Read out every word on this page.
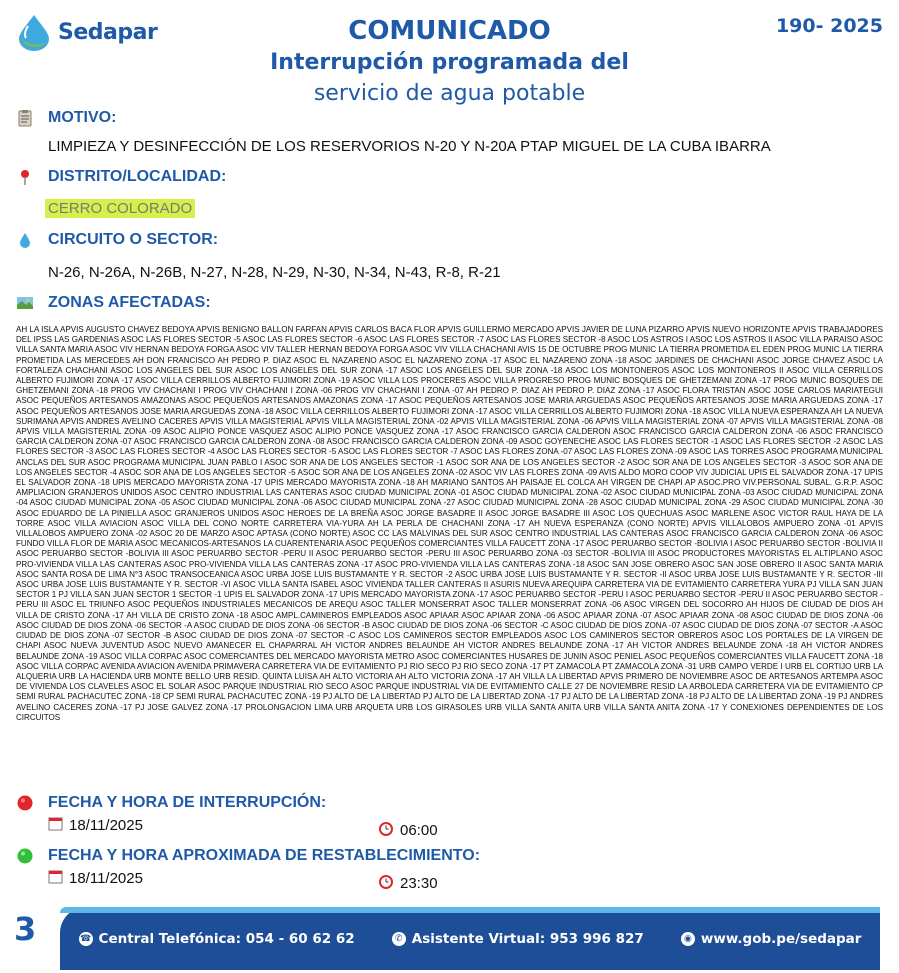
Sedapar	190- 2025
COMUNICADO
Interrupción programada del
servicio de agua potable
MOTIVO:
LIMPIEZA Y DESINFECCIÓN DE LOS RESERVORIOS N-20 Y N-20A PTAP MIGUEL DE LA CUBA IBARRA
DISTRITO/LOCALIDAD:
CERRO COLORADO
CIRCUITO O SECTOR:
N-26, N-26A, N-26B, N-27, N-28, N-29, N-30, N-34, N-43, R-8, R-21
ZONAS AFECTADAS:
AH LA ISLA APVIS AUGUSTO CHAVEZ BEDOYA APVIS BENIGNO BALLON FARFAN APVIS CARLOS BACA FLOR APVIS GUILLERMO MERCADO APVIS JAVIER DE LUNA PIZARRO APVIS NUEVO HORIZONTE APVIS TRABAJADORES DEL IPSS LAS GARDENIAS ASOC LAS FLORES SECTOR -5 ASOC LAS FLORES SECTOR -6 ASOC LAS FLORES SECTOR -7 ASOC LAS FLORES SECTOR -8 ASOC LOS ASTROS I ASOC LOS ASTROS II ASOC VILLA PARAISO ASOC VILLA SANTA MARIA ASOC VIV HERNAN BEDOYA FORGA ASOC VIV TALLER HERNAN BEDOYA FORGA ASOC VIV VILLA CHACHANI AVIS 15 DE OCTUBRE PROG MUNIC LA TIERRA PROMETIDA EL EDEN PROG MUNIC LA TIERRA PROMETIDA LAS MERCEDES AH DON FRANCISCO AH PEDRO P. DIAZ ASOC EL NAZARENO ASOC EL NAZARENO ZONA -17 ASOC EL NAZARENO ZONA -18 ASOC JARDINES DE CHACHANI ASOC JORGE CHAVEZ ASOC LA FORTALEZA CHACHANI ASOC LOS ANGELES DEL SUR ASOC LOS ANGELES DEL SUR ZONA -17 ASOC LOS ANGELES DEL SUR ZONA -18 ASOC LOS MONTONEROS ASOC LOS MONTONEROS II ASOC VILLA CERRILLOS ALBERTO FUJIMORI ZONA -17 ASOC VILLA CERRILLOS ALBERTO FUJIMORI ZONA -19 ASOC VILLA LOS PROCERES ASOC VILLA PROGRESO PROG MUNIC BOSQUES DE GHETZEMANI ZONA -17 PROG MUNIC BOSQUES DE GHETZEMANI ZONA -18 PROG VIV CHACHANI I PROG VIV CHACHANI I ZONA -06 PROG VIV CHACHANI I ZONA -07 AH PEDRO P. DIAZ AH PEDRO P. DIAZ ZONA -17 ASOC FLORA TRISTAN ASOC JOSE CARLOS MARIATEGUI ASOC PEQUEÑOS ARTESANOS AMAZONAS ASOC PEQUEÑOS ARTESANOS AMAZONAS ZONA -17 ASOC PEQUEÑOS ARTESANOS JOSE MARIA ARGUEDAS ASOC PEQUEÑOS ARTESANOS JOSE MARIA ARGUEDAS ZONA -17 ASOC PEQUEÑOS ARTESANOS JOSE MARIA ARGUEDAS ZONA -18 ASOC VILLA CERRILLOS ALBERTO FUJIMORI ZONA -17 ASOC VILLA CERRILLOS ALBERTO FUJIMORI ZONA -18 ASOC VILLA NUEVA ESPERANZA AH LA NUEVA SURIMANA APVIS ANDRES AVELINO CACERES APVIS VILLA MAGISTERIAL APVIS VILLA MAGISTERIAL ZONA -02 APVIS VILLA MAGISTERIAL ZONA -06 APVIS VILLA MAGISTERIAL ZONA -07 APVIS VILLA MAGISTERIAL ZONA -08 APVIS VILLA MAGISTERIAL ZONA -09 ASOC ALIPIO PONCE VASQUEZ ASOC ALIPIO PONCE VASQUEZ ZONA -17 ASOC FRANCISCO GARCIA CALDERON ASOC FRANCISCO GARCIA CALDERON ZONA -06 ASOC FRANCISCO GARCIA CALDERON ZONA -07 ASOC FRANCISCO GARCIA CALDERON ZONA -08 ASOC FRANCISCO GARCIA CALDERON ZONA -09 ASOC GOYENECHE ASOC LAS FLORES SECTOR -1 ASOC LAS FLORES SECTOR -2 ASOC LAS FLORES SECTOR -3 ASOC LAS FLORES SECTOR -4 ASOC LAS FLORES SECTOR -5 ASOC LAS FLORES SECTOR -7 ASOC LAS FLORES ZONA -07 ASOC LAS FLORES ZONA -09 ASOC LAS TORRES ASOC PROGRAMA MUNICIPAL ANCLAS DEL SUR ASOC PROGRAMA MUNICIPAL JUAN PABLO I ASOC SOR ANA DE LOS ANGELES SECTOR -1 ASOC SOR ANA DE LOS ANGELES SECTOR -2 ASOC SOR ANA DE LOS ANGELES SECTOR -3 ASOC SOR ANA DE LOS ANGELES SECTOR -4 ASOC SOR ANA DE LOS ANGELES SECTOR -5 ASOC SOR ANA DE LOS ANGELES ZONA -02 ASOC VIV LAS FLORES ZONA -09 AVIS ALDO MORO COOP VIV JUDICIAL UPIS EL SALVADOR ZONA -17 UPIS EL SALVADOR ZONA -18 UPIS MERCADO MAYORISTA ZONA -17 UPIS MERCADO MAYORISTA ZONA -18 AH MARIANO SANTOS AH PAISAJE EL COLCA AH VIRGEN DE CHAPI AP ASOC.PRO VIV.PERSONAL SUBAL. G.R.P. ASOC AMPLIACION GRANJEROS UNIDOS ASOC CENTRO INDUSTRIAL LAS CANTERAS ASOC CIUDAD MUNICIPAL ZONA -01 ASOC CIUDAD MUNICIPAL ZONA -02 ASOC CIUDAD MUNICIPAL ZONA -03 ASOC CIUDAD MUNICIPAL ZONA -04 ASOC CIUDAD MUNICIPAL ZONA -05 ASOC CIUDAD MUNICIPAL ZONA -06 ASOC CIUDAD MUNICIPAL ZONA -27 ASOC CIUDAD MUNICIPAL ZONA -28 ASOC CIUDAD MUNICIPAL ZONA -29 ASOC CIUDAD MUNICIPAL ZONA -30 ASOC EDUARDO DE LA PINIELLA ASOC GRANJEROS UNIDOS ASOC HEROES DE LA BREÑA ASOC JORGE BASADRE II ASOC JORGE BASADRE III ASOC LOS QUECHUAS ASOC MARLENE ASOC VICTOR RAUL HAYA DE LA TORRE ASOC VILLA AVIACION ASOC VILLA DEL CONO NORTE CARRETERA VIA-YURA AH LA PERLA DE CHACHANI ZONA -17 AH NUEVA ESPERANZA (CONO NORTE) APVIS VILLALOBOS AMPUERO ZONA -01 APVIS VILLALOBOS AMPUERO ZONA -02 ASOC 20 DE MARZO ASOC APTASA (CONO NORTE) ASOC CC LAS MALVINAS DEL SUR ASOC CENTRO INDUSTRIAL LAS CANTERAS ASOC FRANCISCO GARCIA CALDERON ZONA -06 ASOC FUNDO VILLA FLOR DE MARIA ASOC MECANICOS-ARTESANOS LA CUARENTENARIA ASOC PEQUEÑOS COMERCIANTES VILLA FAUCETT ZONA -17 ASOC PERUARBO SECTOR -BOLIVIA I ASOC PERUARBO SECTOR -BOLIVIA II ASOC PERUARBO SECTOR -BOLIVIA III ASOC PERUARBO SECTOR -PERU II ASOC PERUARBO SECTOR -PERU III ASOC PERUARBO ZONA -03 SECTOR -BOLIVIA III ASOC PRODUCTORES MAYORISTAS EL ALTIPLANO ASOC PRO-VIVIENDA VILLA LAS CANTERAS ASOC PRO-VIVIENDA VILLA LAS CANTERAS ZONA -17 ASOC PRO-VIVIENDA VILLA LAS CANTERAS ZONA -18 ASOC SAN JOSE OBRERO ASOC SAN JOSE OBRERO II ASOC SANTA MARIA ASOC SANTA ROSA DE LIMA N°3 ASOC TRANSOCEANICA ASOC URBA JOSE LUIS BUSTAMANTE Y R. SECTOR -2 ASOC URBA JOSE LUIS BUSTAMANTE Y R. SECTOR -II ASOC URBA JOSE LUIS BUSTAMANTE Y R. SECTOR -III ASOC URBA JOSE LUIS BUSTAMANTE Y R. SECTOR -VI ASOC VILLA SANTA ISABEL ASOC VIVIENDA TALLER CANTERAS II ASURIS NUEVA AREQUIPA CARRETERA VIA DE EVITAMIENTO CARRETERA YURA PJ VILLA SAN JUAN SECTOR 1 PJ VILLA SAN JUAN SECTOR 1 SECTOR -1 UPIS EL SALVADOR ZONA -17 UPIS MERCADO MAYORISTA ZONA -17 ASOC PERUARBO SECTOR -PERU I ASOC PERUARBO SECTOR -PERU II ASOC PERUARBO SECTOR -PERU III ASOC EL TRIUNFO ASOC PEQUEÑOS INDUSTRIALES MECANICOS DE AREQU ASOC TALLER MONSERRAT ASOC TALLER MONSERRAT ZONA -06 ASOC VIRGEN DEL SOCORRO AH HIJOS DE CIUDAD DE DIOS AH VILLA DE CRISTO ZONA -17 AH VILLA DE CRISTO ZONA -18 ASOC AMPL.CAMINEROS EMPLEADOS ASOC APIAAR ASOC APIAAR ZONA -06 ASOC APIAAR ZONA -07 ASOC APIAAR ZONA -08 ASOC CIUDAD DE DIOS ZONA -06 ASOC CIUDAD DE DIOS ZONA -06 SECTOR -A ASOC CIUDAD DE DIOS ZONA -06 SECTOR -B ASOC CIUDAD DE DIOS ZONA -06 SECTOR -C ASOC CIUDAD DE DIOS ZONA -07 ASOC CIUDAD DE DIOS ZONA -07 SECTOR -A ASOC CIUDAD DE DIOS ZONA -07 SECTOR -B ASOC CIUDAD DE DIOS ZONA -07 SECTOR -C ASOC LOS CAMINEROS SECTOR EMPLEADOS ASOC LOS CAMINEROS SECTOR OBREROS ASOC LOS PORTALES DE LA VIRGEN DE CHAPI ASOC NUEVA JUVENTUD ASOC NUEVO AMANECER EL CHAPARRAL AH VICTOR ANDRES BELAUNDE AH VICTOR ANDRES BELAUNDE ZONA -17 AH VICTOR ANDRES BELAUNDE ZONA -18 AH VICTOR ANDRES BELAUNDE ZONA -19 ASOC VILLA CORPAC ASOC COMERCIANTES DEL MERCADO MAYORISTA METRO ASOC COMERCIANTES HUSARES DE JUNIN ASOC PENIEL ASOC PEQUEÑOS COMERCIANTES VILLA FAUCETT ZONA -18 ASOC VILLA CORPAC AVENIDA AVIACION AVENIDA PRIMAVERA CARRETERA VIA DE EVITAMIENTO PJ RIO SECO PJ RIO SECO ZONA -17 PT ZAMACOLA PT ZAMACOLA ZONA -31 URB CAMPO VERDE I URB EL CORTIJO URB LA ALQUERIA URB LA HACIENDA URB MONTE BELLO URB RESID. QUINTA LUISA AH ALTO VICTORIA AH ALTO VICTORIA ZONA -17 AH VILLA LA LIBERTAD APVIS PRIMERO DE NOVIEMBRE ASOC DE ARTESANOS ARTEMPA ASOC DE VIVIENDA LOS CLAVELES ASOC EL SOLAR ASOC PARQUE INDUSTRIAL RIO SECO ASOC PARQUE INDUSTRIAL VIA DE EVITAMIENTO CALLE 27 DE NOVIEMBRE RESID LA ARBOLEDA CARRETERA VIA DE EVITAMIENTO CP SEMI RURAL PACHACUTEC ZONA -18 CP SEMI RURAL PACHACUTEC ZONA -19 PJ ALTO DE LA LIBERTAD PJ ALTO DE LA LIBERTAD ZONA -17 PJ ALTO DE LA LIBERTAD ZONA -18 PJ ALTO DE LA LIBERTAD ZONA -19 PJ ANDRES AVELINO CACERES ZONA -17 PJ JOSE GALVEZ ZONA -17 PROLONGACION LIMA URB ARQUETA URB LOS GIRASOLES URB VILLA SANTA ANITA URB VILLA SANTA ANITA ZONA -17 Y CONEXIONES DEPENDIENTES DE LOS CIRCUITOS
FECHA Y HORA DE INTERRUPCIÓN:
18/11/2025	06:00
FECHA Y HORA APROXIMADA DE RESTABLECIMIENTO:
18/11/2025	23:30
3	☎ Central Telefónica: 054 - 60 62 62	✆ Asistente Virtual: 953 996 827	◉ www.gob.pe/sedapar
